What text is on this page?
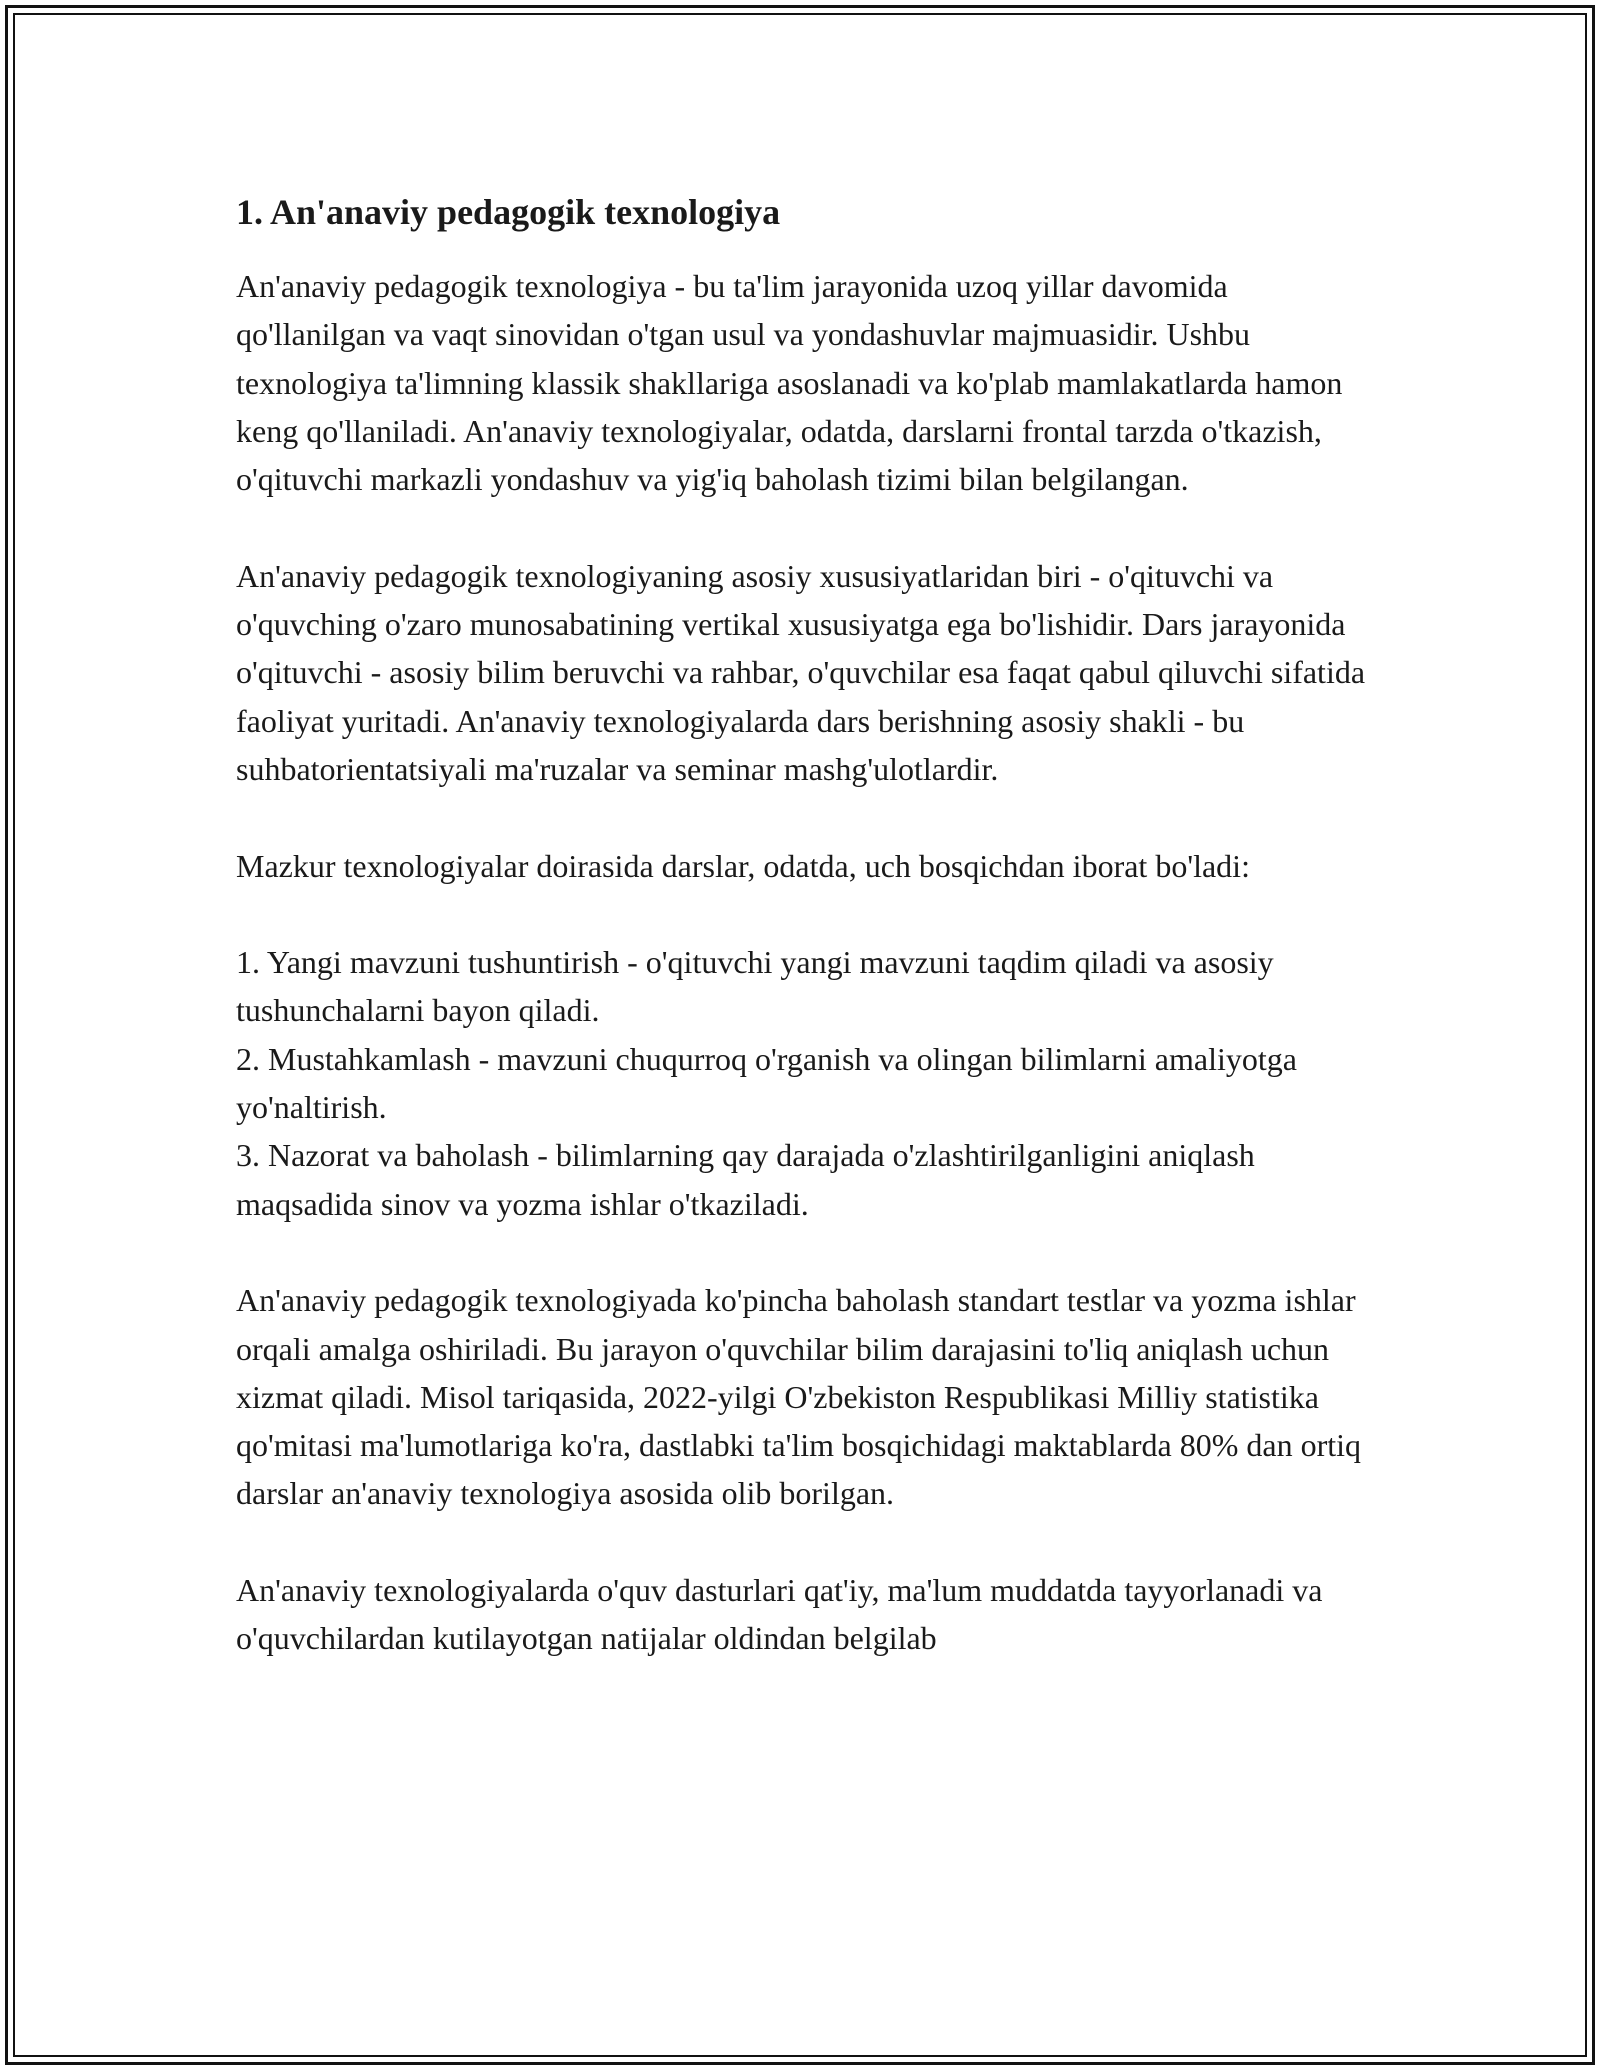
1. An'anaviy pedagogik texnologiya

An'anaviy pedagogik texnologiya - bu ta'lim jarayonida uzoq yillar davomida qo'llanilgan va vaqt sinovidan o'tgan usul va yondashuvlar majmuasidir. Ushbu texnologiya ta'limning klassik shakllariga asoslanadi va ko'plab mamlakatlarda hamon keng qo'llaniladi. An'anaviy texnologiyalar, odatda, darslarni frontal tarzda o'tkazish, o'qituvchi markazli yondashuv va yig'iq baholash tizimi bilan belgilangan.

An'anaviy pedagogik texnologiyaning asosiy xususiyatlaridan biri - o'qituvchi va o'quvching o'zaro munosabatining vertikal xususiyatga ega bo'lishidir. Dars jarayonida o'qituvchi - asosiy bilim beruvchi va rahbar, o'quvchilar esa faqat qabul qiluvchi sifatida faoliyat yuritadi. An'anaviy texnologiyalarda dars berishning asosiy shakli - bu suhbatorientatsiyali ma'ruzalar va seminar mashg'ulotlardir.

Mazkur texnologiyalar doirasida darslar, odatda, uch bosqichdan iborat bo'ladi:

1. Yangi mavzuni tushuntirish - o'qituvchi yangi mavzuni taqdim qiladi va asosiy tushunchalarni bayon qiladi.
2. Mustahkamlash - mavzuni chuqurroq o'rganish va olingan bilimlarni amaliyotga yo'naltirish.
3. Nazorat va baholash - bilimlarning qay darajada o'zlashtirilganligini aniqlash maqsadida sinov va yozma ishlar o'tkaziladi.

An'anaviy pedagogik texnologiyada ko'pincha baholash standart testlar va yozma ishlar orqali amalga oshiriladi. Bu jarayon o'quvchilar bilim darajasini to'liq aniqlash uchun xizmat qiladi. Misol tariqasida, 2022-yilgi O'zbekiston Respublikasi Milliy statistika qo'mitasi ma'lumotlariga ko'ra, dastlabki ta'lim bosqichidagi maktablarda 80% dan ortiq darslar an'anaviy texnologiya asosida olib borilgan.

An'anaviy texnologiyalarda o'quv dasturlari qat'iy, ma'lum muddatda tayyorlanadi va o'quvchilardan kutilayotgan natijalar oldindan belgilab
